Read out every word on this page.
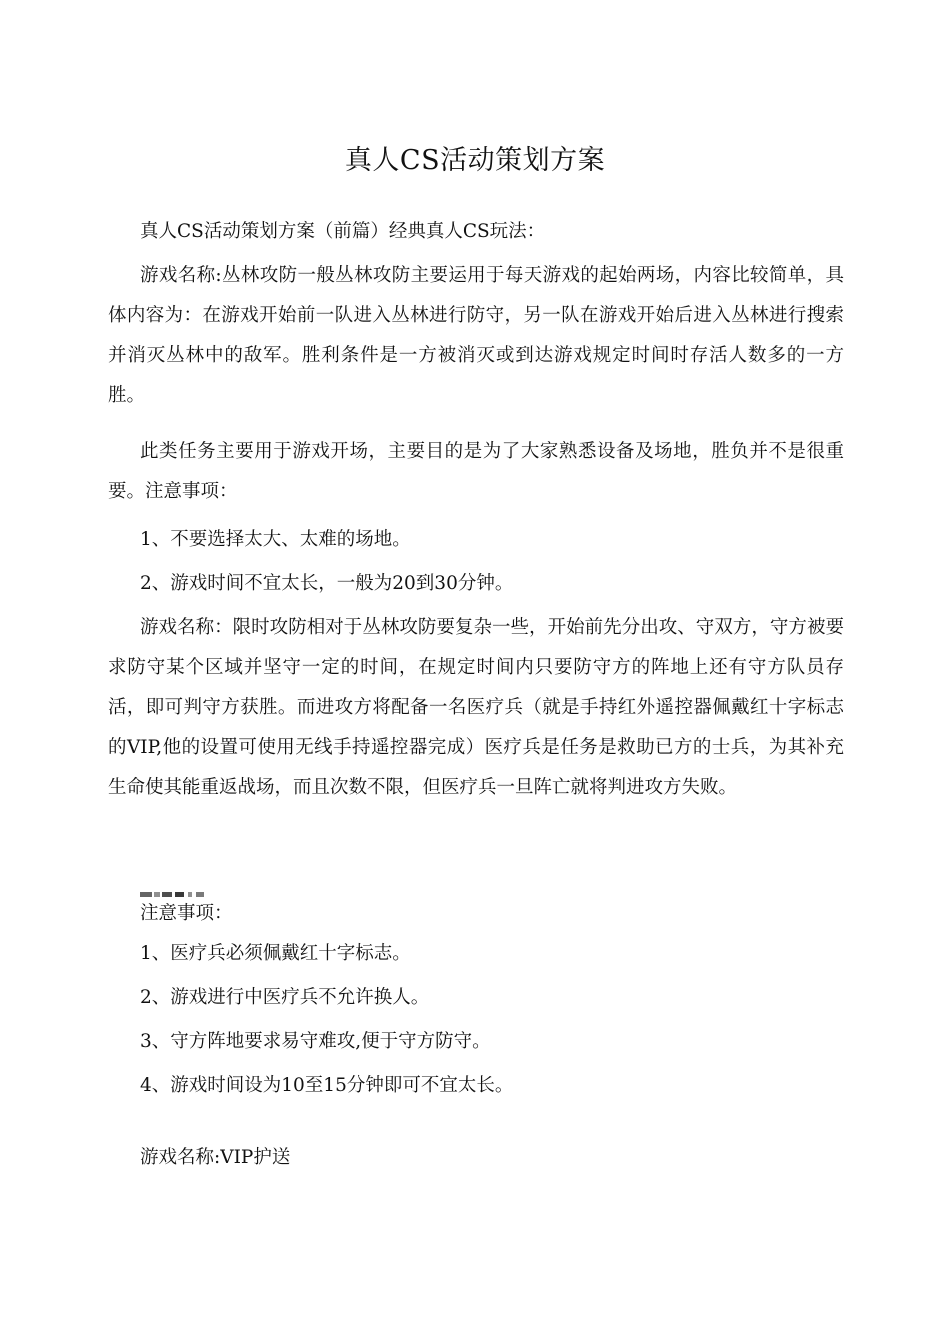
真人CS活动策划方案

真人CS活动策划方案（前篇）经典真人CS玩法：

游戏名称:丛林攻防一般丛林攻防主要运用于每天游戏的起始两场，内容比较简单，具体内容为：在游戏开始前一队进入丛林进行防守，另一队在游戏开始后进入丛林进行搜索并消灭丛林中的敌军。胜利条件是一方被消灭或到达游戏规定时间时存活人数多的一方胜。

此类任务主要用于游戏开场，主要目的是为了大家熟悉设备及场地，胜负并不是很重要。注意事项：

1、不要选择太大、太难的场地。

2、游戏时间不宜太长，一般为20到30分钟。

游戏名称：限时攻防相对于丛林攻防要复杂一些，开始前先分出攻、守双方，守方被要求防守某个区域并坚守一定的时间，在规定时间内只要防守方的阵地上还有守方队员存活，即可判守方获胜。而进攻方将配备一名医疗兵（就是手持红外遥控器佩戴红十字标志的VIP,他的设置可使用无线手持遥控器完成）医疗兵是任务是救助已方的士兵，为其补充生命使其能重返战场，而且次数不限，但医疗兵一旦阵亡就将判进攻方失败。

注意事项：

1、医疗兵必须佩戴红十字标志。

2、游戏进行中医疗兵不允许换人。

3、守方阵地要求易守难攻,便于守方防守。

4、游戏时间设为10至15分钟即可不宜太长。

游戏名称:VIP护送
